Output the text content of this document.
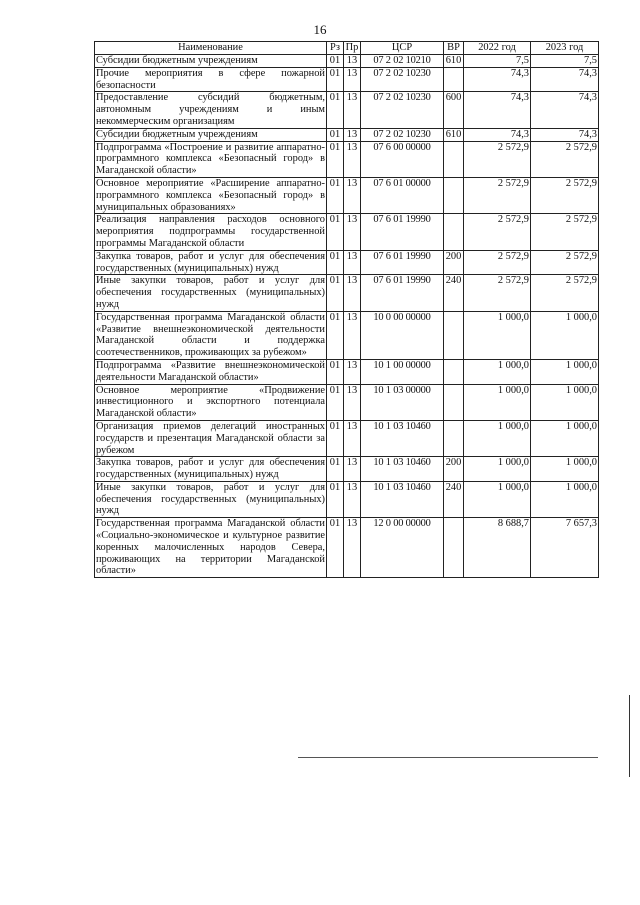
16
Наименование	Рз	Пр	ЦСР	ВР	2022 год	2023 год
Субсидии бюджетным учреждениям	01	13	07 2 02 10210	610	7,5	7,5
Прочие мероприятия в сфере пожарной безопасности	01	13	07 2 02 10230		74,3	74,3
Предоставление субсидий бюджетным, автономным учреждениям и иным некоммерческим организациям	01	13	07 2 02 10230	600	74,3	74,3
Субсидии бюджетным учреждениям	01	13	07 2 02 10230	610	74,3	74,3
Подпрограмма «Построение и развитие аппаратно-программного комплекса «Безопасный город» в Магаданской области»	01	13	07 6 00 00000		2 572,9	2 572,9
Основное мероприятие «Расширение аппаратно-программного комплекса «Безопасный город» в муниципальных образованиях»	01	13	07 6 01 00000		2 572,9	2 572,9
Реализация направления расходов основного мероприятия подпрограммы государственной программы Магаданской области	01	13	07 6 01 19990		2 572,9	2 572,9
Закупка товаров, работ и услуг для обеспечения государственных (муниципальных) нужд	01	13	07 6 01 19990	200	2 572,9	2 572,9
Иные закупки товаров, работ и услуг для обеспечения государственных (муниципальных) нужд	01	13	07 6 01 19990	240	2 572,9	2 572,9
Государственная программа Магаданской области «Развитие внешнеэкономической деятельности Магаданской области и поддержка соотечественников, проживающих за рубежом»	01	13	10 0 00 00000		1 000,0	1 000,0
Подпрограмма «Развитие внешнеэкономической деятельности Магаданской области»	01	13	10 1 00 00000		1 000,0	1 000,0
Основное мероприятие «Продвижение инвестиционного и экспортного потенциала Магаданской области»	01	13	10 1 03 00000		1 000,0	1 000,0
Организация приемов делегаций иностранных государств и презентация Магаданской области за рубежом	01	13	10 1 03 10460		1 000,0	1 000,0
Закупка товаров, работ и услуг для обеспечения государственных (муниципальных) нужд	01	13	10 1 03 10460	200	1 000,0	1 000,0
Иные закупки товаров, работ и услуг для обеспечения государственных (муниципальных) нужд	01	13	10 1 03 10460	240	1 000,0	1 000,0
Государственная программа Магаданской области «Социально-экономическое и культурное развитие коренных малочисленных народов Севера, проживающих на территории Магаданской области»	01	13	12 0 00 00000		8 688,7	7 657,3
